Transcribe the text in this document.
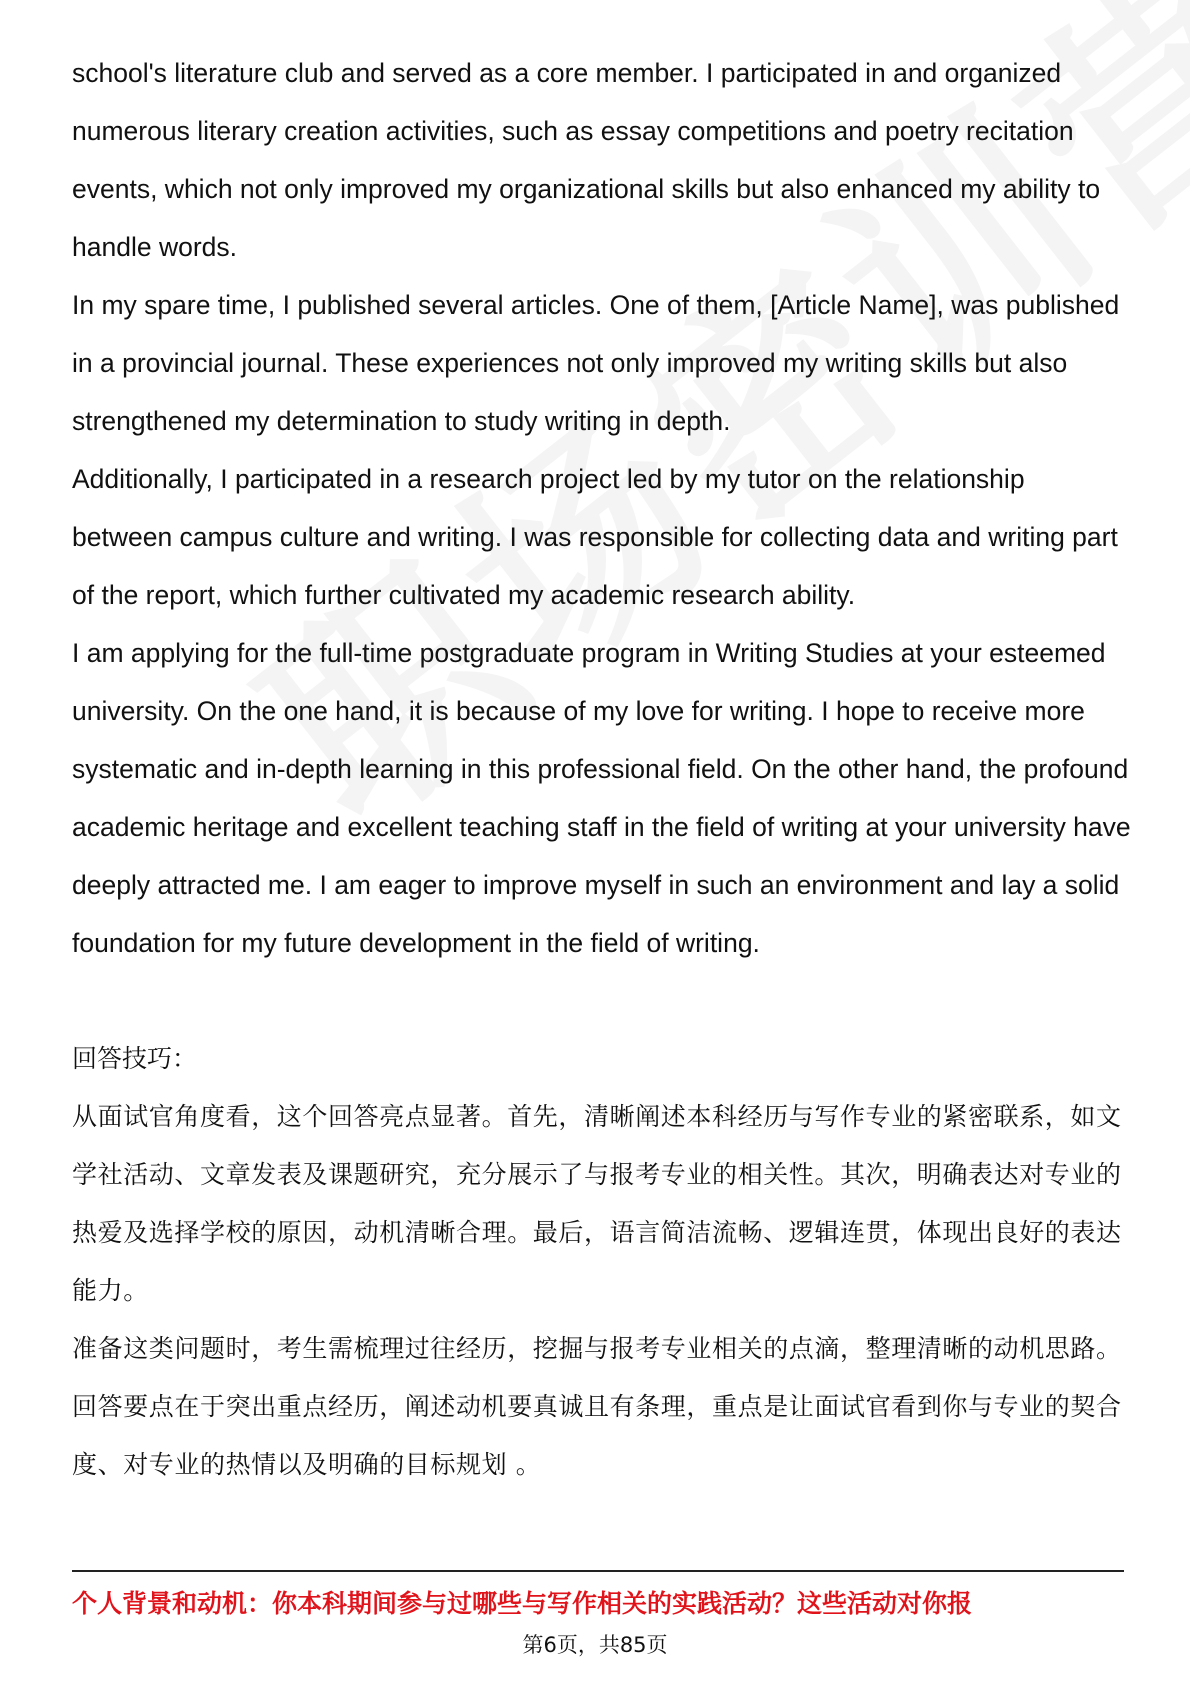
school's literature club and served as a core member. I participated in and organized numerous literary creation activities, such as essay competitions and poetry recitation events, which not only improved my organizational skills but also enhanced my ability to handle words.

In my spare time, I published several articles. One of them, [Article Name], was published in a provincial journal. These experiences not only improved my writing skills but also strengthened my determination to study writing in depth.

Additionally, I participated in a research project led by my tutor on the relationship between campus culture and writing. I was responsible for collecting data and writing part of the report, which further cultivated my academic research ability.

I am applying for the full-time postgraduate program in Writing Studies at your esteemed university. On the one hand, it is because of my love for writing. I hope to receive more systematic and in-depth learning in this professional field. On the other hand, the profound academic heritage and excellent teaching staff in the field of writing at your university have deeply attracted me. I am eager to improve myself in such an environment and lay a solid foundation for my future development in the field of writing.

回答技巧：

从面试官角度看，这个回答亮点显著。首先，清晰阐述本科经历与写作专业的紧密联系，如文学社活动、文章发表及课题研究，充分展示了与报考专业的相关性。其次，明确表达对专业的热爱及选择学校的原因，动机清晰合理。最后，语言简洁流畅、逻辑连贯，体现出良好的表达能力。

准备这类问题时，考生需梳理过往经历，挖掘与报考专业相关的点滴，整理清晰的动机思路。回答要点在于突出重点经历，阐述动机要真诚且有条理，重点是让面试官看到你与专业的契合度、对专业的热情以及明确的目标规划 。

个人背景和动机：你本科期间参与过哪些与写作相关的实践活动？这些活动对你报
第6页，共85页
